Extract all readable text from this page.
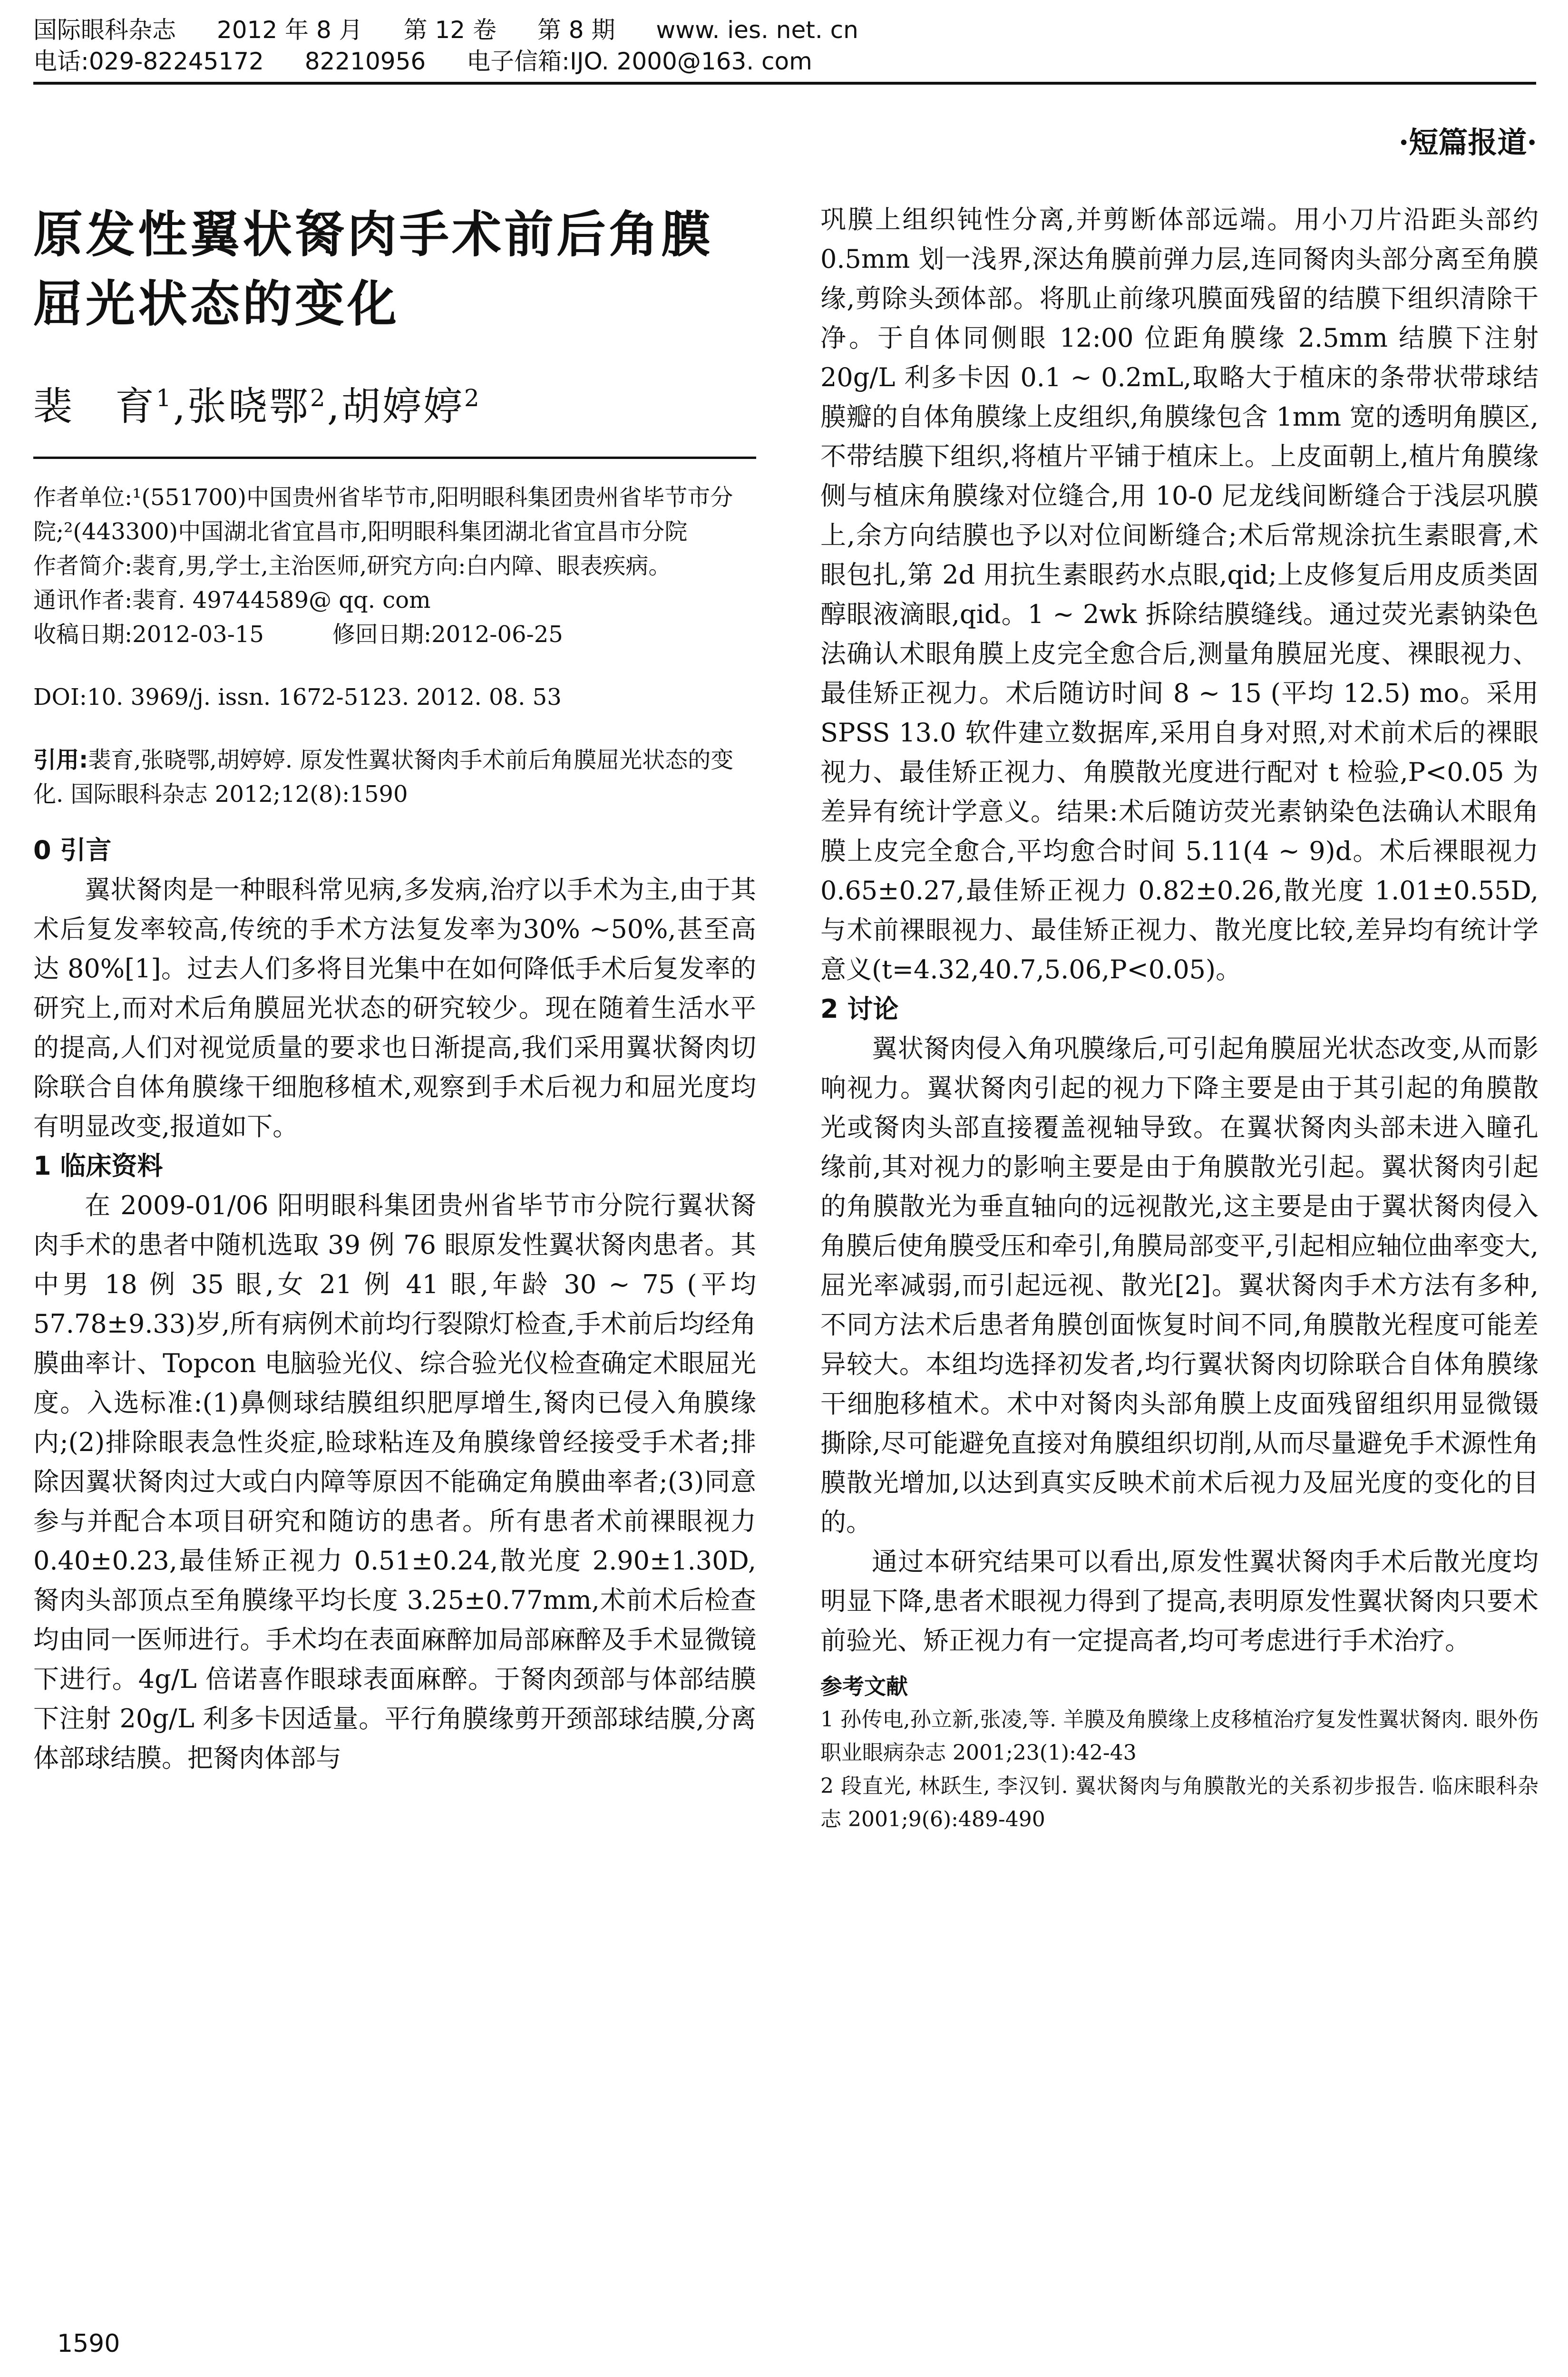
国际眼科杂志 2012 年 8 月 第 12 卷 第 8 期 www. ies. net. cn
电话:029-82245172 82210956 电子信箱:IJO. 2000@163. com
·短篇报道·
原发性翼状胬肉手术前后角膜屈光状态的变化
裴　育$^1$,张晓鄂$^2$,胡婷婷$^2$

作者单位:¹(551700)中国贵州省毕节市,阳明眼科集团贵州省毕节市分院;²(443300)中国湖北省宜昌市,阳明眼科集团湖北省宜昌市分院

作者简介:裴育,男,学士,主治医师,研究方向:白内障、眼表疾病。

通讯作者:裴育. 49744589@ qq. com

收稿日期:2012-03-15　　　修回日期:2012-06-25

DOI:10. 3969/j. issn. 1672-5123. 2012. 08. 53

引用:裴育,张晓鄂,胡婷婷. 原发性翼状胬肉手术前后角膜屈光状态的变化. 国际眼科杂志 2012;12(8):1590

0 引言

翼状胬肉是一种眼科常见病,多发病,治疗以手术为主,由于其术后复发率较高,传统的手术方法复发率为30% ~50%,甚至高达 80%[1]。过去人们多将目光集中在如何降低手术后复发率的研究上,而对术后角膜屈光状态的研究较少。现在随着生活水平的提高,人们对视觉质量的要求也日渐提高,我们采用翼状胬肉切除联合自体角膜缘干细胞移植术,观察到手术后视力和屈光度均有明显改变,报道如下。

1 临床资料

在 2009-01/06 阳明眼科集团贵州省毕节市分院行翼状胬肉手术的患者中随机选取 39 例 76 眼原发性翼状胬肉患者。其中男 18 例 35 眼,女 21 例 41 眼,年龄 30 ~ 75 (平均 57.78±9.33)岁,所有病例术前均行裂隙灯检查,手术前后均经角膜曲率计、Topcon 电脑验光仪、综合验光仪检查确定术眼屈光度。入选标准:(1)鼻侧球结膜组织肥厚增生,胬肉已侵入角膜缘内;(2)排除眼表急性炎症,睑球粘连及角膜缘曾经接受手术者;排除因翼状胬肉过大或白内障等原因不能确定角膜曲率者;(3)同意参与并配合本项目研究和随访的患者。所有患者术前裸眼视力 0.40±0.23,最佳矫正视力 0.51±0.24,散光度 2.90±1.30D,胬肉头部顶点至角膜缘平均长度 3.25±0.77mm,术前术后检查均由同一医师进行。手术均在表面麻醉加局部麻醉及手术显微镜下进行。4g/L 倍诺喜作眼球表面麻醉。于胬肉颈部与体部结膜下注射 20g/L 利多卡因适量。平行角膜缘剪开颈部球结膜,分离体部球结膜。把胬肉体部与

巩膜上组织钝性分离,并剪断体部远端。用小刀片沿距头部约 0.5mm 划一浅界,深达角膜前弹力层,连同胬肉头部分离至角膜缘,剪除头颈体部。将肌止前缘巩膜面残留的结膜下组织清除干净。于自体同侧眼 12:00 位距角膜缘 2.5mm 结膜下注射 20g/L 利多卡因 0.1 ~ 0.2mL,取略大于植床的条带状带球结膜瓣的自体角膜缘上皮组织,角膜缘包含 1mm 宽的透明角膜区,不带结膜下组织,将植片平铺于植床上。上皮面朝上,植片角膜缘侧与植床角膜缘对位缝合,用 10-0 尼龙线间断缝合于浅层巩膜上,余方向结膜也予以对位间断缝合;术后常规涂抗生素眼膏,术眼包扎,第 2d 用抗生素眼药水点眼,qid;上皮修复后用皮质类固醇眼液滴眼,qid。1 ~ 2wk 拆除结膜缝线。通过荧光素钠染色法确认术眼角膜上皮完全愈合后,测量角膜屈光度、裸眼视力、最佳矫正视力。术后随访时间 8 ~ 15 (平均 12.5) mo。采用 SPSS 13.0 软件建立数据库,采用自身对照,对术前术后的裸眼视力、最佳矫正视力、角膜散光度进行配对 t 检验,P<0.05 为差异有统计学意义。结果:术后随访荧光素钠染色法确认术眼角膜上皮完全愈合,平均愈合时间 5.11(4 ~ 9)d。术后裸眼视力 0.65±0.27,最佳矫正视力 0.82±0.26,散光度 1.01±0.55D,与术前裸眼视力、最佳矫正视力、散光度比较,差异均有统计学意义(t=4.32,40.7,5.06,P<0.05)。

2 讨论

翼状胬肉侵入角巩膜缘后,可引起角膜屈光状态改变,从而影响视力。翼状胬肉引起的视力下降主要是由于其引起的角膜散光或胬肉头部直接覆盖视轴导致。在翼状胬肉头部未进入瞳孔缘前,其对视力的影响主要是由于角膜散光引起。翼状胬肉引起的角膜散光为垂直轴向的远视散光,这主要是由于翼状胬肉侵入角膜后使角膜受压和牵引,角膜局部变平,引起相应轴位曲率变大,屈光率减弱,而引起远视、散光[2]。翼状胬肉手术方法有多种,不同方法术后患者角膜创面恢复时间不同,角膜散光程度可能差异较大。本组均选择初发者,均行翼状胬肉切除联合自体角膜缘干细胞移植术。术中对胬肉头部角膜上皮面残留组织用显微镊撕除,尽可能避免直接对角膜组织切削,从而尽量避免手术源性角膜散光增加,以达到真实反映术前术后视力及屈光度的变化的目的。

通过本研究结果可以看出,原发性翼状胬肉手术后散光度均明显下降,患者术眼视力得到了提高,表明原发性翼状胬肉只要术前验光、矫正视力有一定提高者,均可考虑进行手术治疗。

参考文献

1 孙传电,孙立新,张凌,等. 羊膜及角膜缘上皮移植治疗复发性翼状胬肉. 眼外伤职业眼病杂志 2001;23(1):42-43

2 段直光, 林跃生, 李汉钊. 翼状胬肉与角膜散光的关系初步报告. 临床眼科杂志 2001;9(6):489-490

1590
